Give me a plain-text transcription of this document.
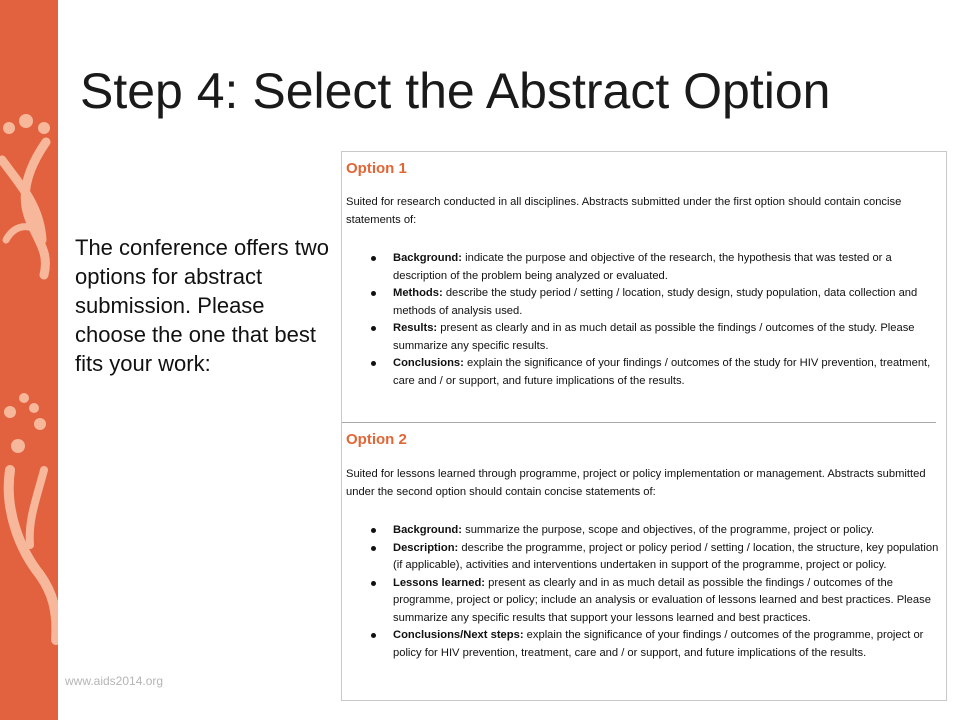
Step 4: Select the Abstract Option
The conference offers two options for abstract submission. Please choose the one that best fits your work:
www.aids2014.org
Option 1
Suited for research conducted in all disciplines. Abstracts submitted under the first option should contain concise statements of:
Background: indicate the purpose and objective of the research, the hypothesis that was tested or a description of the problem being analyzed or evaluated.
Methods: describe the study period / setting / location, study design, study population, data collection and methods of analysis used.
Results: present as clearly and in as much detail as possible the findings / outcomes of the study. Please summarize any specific results.
Conclusions: explain the significance of your findings / outcomes of the study for HIV prevention, treatment, care and / or support, and future implications of the results.
Option 2
Suited for lessons learned through programme, project or policy implementation or management. Abstracts submitted under the second option should contain concise statements of:
Background: summarize the purpose, scope and objectives, of the programme, project or policy.
Description: describe the programme, project or policy period / setting / location, the structure, key population (if applicable), activities and interventions undertaken in support of the programme, project or policy.
Lessons learned: present as clearly and in as much detail as possible the findings / outcomes of the programme, project or policy; include an analysis or evaluation of lessons learned and best practices. Please summarize any specific results that support your lessons learned and best practices.
Conclusions/Next steps: explain the significance of your findings / outcomes of the programme, project or policy for HIV prevention, treatment, care and / or support, and future implications of the results.
